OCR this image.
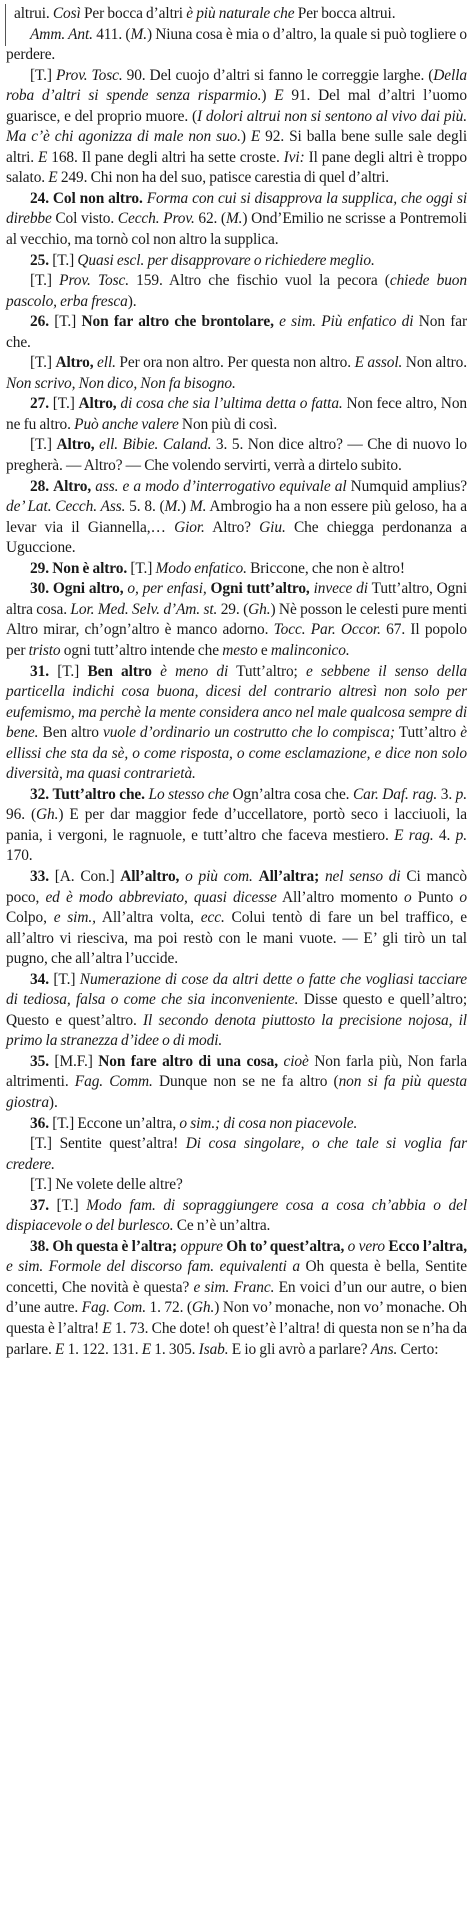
altrui. Così Per bocca d’altri è più naturale che Per bocca altrui.

Amm. Ant. 411. (M.) Niuna cosa è mia o d’altro, la quale si può togliere o perdere.

[T.] Prov. Tosc. 90. Del cuojo d’altri si fanno le correggie larghe. (Della roba d’altri si spende senza risparmio.) E 91. Del mal d’altri l’uomo guarisce, e del proprio muore. (I dolori altrui non si sentono al vivo dai più. Ma c’è chi agonizza di male non suo.) E 92. Si balla bene sulle sale degli altri. E 168. Il pane degli altri ha sette croste. Ivi: Il pane degli altri è troppo salato. E 249. Chi non ha del suo, patisce carestia di quel d’altri.

24. Col non altro. Forma con cui si disapprova la supplica, che oggi si direbbe Col visto. Cecch. Prov. 62. (M.) Ond’Emilio ne scrisse a Pontremoli al vecchio, ma tornò col non altro la supplica.

25. [T.] Quasi escl. per disapprovare o richiedere meglio.

[T.] Prov. Tosc. 159. Altro che fischio vuol la pecora (chiede buon pascolo, erba fresca).

26. [T.] Non far altro che brontolare, e sim. Più enfatico di Non far che.

[T.] Altro, ell. Per ora non altro. Per questa non altro. E assol. Non altro. Non scrivo, Non dico, Non fa bisogno.

27. [T.] Altro, di cosa che sia l’ultima detta o fatta. Non fece altro, Non ne fu altro. Può anche valere Non più di così.

[T.] Altro, ell. Bibie. Caland. 3. 5. Non dice altro? — Che di nuovo lo pregherà. — Altro? — Che volendo servirti, verrà a dirtelo subito.

28. Altro, ass. e a modo d’interrogativo equivale al Numquid amplius? de’ Lat. Cecch. Ass. 5. 8. (M.) M. Ambrogio ha a non essere più geloso, ha a levar via il Giannella,… Gior. Altro? Giu. Che chiegga perdonanza a Uguccione.

29. Non è altro. [T.] Modo enfatico. Briccone, che non è altro!

30. Ogni altro, o, per enfasi, Ogni tutt’altro, invece di Tutt’altro, Ogni altra cosa. Lor. Med. Selv. d’Am. st. 29. (Gh.) Nè posson le celesti pure menti Altro mirar, ch’ogn’altro è manco adorno. Tocc. Par. Occor. 67. Il popolo per tristo ogni tutt’altro intende che mesto e malinconico.

31. [T.] Ben altro è meno di Tutt’altro; e sebbene il senso della particella indichi cosa buona, dicesi del contrario altresì non solo per eufemismo, ma perchè la mente considera anco nel male qualcosa sempre di bene. Ben altro vuole d’ordinario un costrutto che lo compisca; Tutt’altro è ellissi che sta da sè, o come risposta, o come esclamazione, e dice non solo diversità, ma quasi contrarietà.

32. Tutt’altro che. Lo stesso che Ogn’altra cosa che. Car. Daf. rag. 3. p. 96. (Gh.) E per dar maggior fede d’uccellatore, portò seco i lacciuoli, la pania, i vergoni, le ragnuole, e tutt’altro che faceva mestiero. E rag. 4. p. 170.

33. [A. Con.] All’altro, o più com. All’altra; nel senso di Ci mancò poco, ed è modo abbreviato, quasi dicesse All’altro momento o Punto o Colpo, e sim., All’altra volta, ecc. Colui tentò di fare un bel traffico, e all’altro vi riesciva, ma poi restò con le mani vuote. — E’ gli tirò un tal pugno, che all’altra l’uccide.

34. [T.] Numerazione di cose da altri dette o fatte che vogliasi tacciare di tediosa, falsa o come che sia inconveniente. Disse questo e quell’altro; Questo e quest’altro. Il secondo denota piuttosto la precisione nojosa, il primo la stranezza d’idee o di modi.

35. [M.F.] Non fare altro di una cosa, cioè Non farla più, Non farla altrimenti. Fag. Comm. Dunque non se ne fa altro (non si fa più questa giostra).

36. [T.] Eccone un’altra, o sim.; di cosa non piacevole.

[T.] Sentite quest’altra! Di cosa singolare, o che tale si voglia far credere.

[T.] Ne volete delle altre?

37. [T.] Modo fam. di sopraggiungere cosa a cosa ch’abbia o del dispiacevole o del burlesco. Ce n’è un’altra.

38. Oh questa è l’altra; oppure Oh to’ quest’altra, o vero Ecco l’altra, e sim. Formole del discorso fam. equivalenti a Oh questa è bella, Sentite concetti, Che novità è questa? e sim. Franc. En voici d’un our autre, o bien d’une autre. Fag. Com. 1. 72. (Gh.) Non vo’ monache, non vo’ monache. Oh questa è l’altra! E 1. 73. Che dote! oh quest’è l’altra! di questa non se n’ha da parlare. E 1. 122. 131. E 1. 305. Isab. E io gli avrò a parlare? Ans. Certo:
